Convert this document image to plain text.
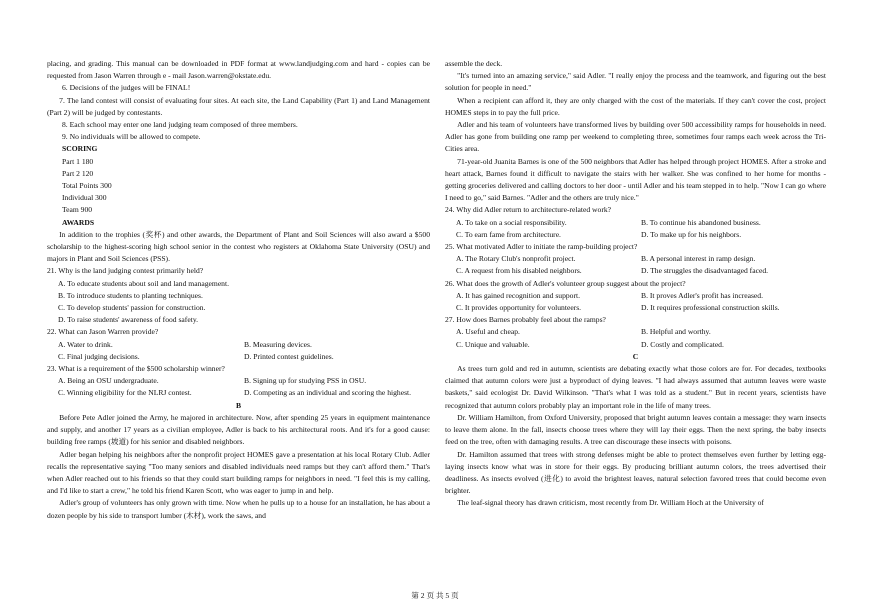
placing, and grading. This manual can be downloaded in PDF format at www.landjudging.com and hard - copies can be requested from Jason Warren through e - mail Jason.warren@okstate.edu.

6. Decisions of the judges will be FINAL!
7. The land contest will consist of evaluating four sites. At each site, the Land Capability (Part 1) and Land Management (Part 2) will be judged by contestants.
8. Each school may enter one land judging team composed of three members.
9. No individuals will be allowed to compete.
SCORING
Part 1 180
Part 2 120
Total Points 300
Individual 300
Team 900
AWARDS

In addition to the trophies (奖杯) and other awards, the Department of Plant and Soil Sciences will also award a $500 scholarship to the highest-scoring high school senior in the contest who registers at Oklahoma State University (OSU) and majors in Plant and Soil Sciences (PSS).

21. Why is the land judging contest primarily held?
A. To educate students about soil and land management.
B. To introduce students to planting techniques.
C. To develop students' passion for construction.
D. To raise students' awareness of food safety.
22. What can Jason Warren provide?
A. Water to drink.	B. Measuring devices.
C. Final judging decisions.	D. Printed contest guidelines.
23. What is a requirement of the $500 scholarship winner?
A. Being an OSU undergraduate.	B. Signing up for studying PSS in OSU.
C. Winning eligibility for the NLRJ contest.	D. Competing as an individual and scoring the highest.
B

Before Pete Adler joined the Army, he majored in architecture. Now, after spending 25 years in equipment maintenance and supply, and another 17 years as a civilian employee, Adler is back to his architectural roots. And it's for a good cause: building free ramps (坡道) for his senior and disabled neighbors.

Adler began helping his neighbors after the nonprofit project HOMES gave a presentation at his local Rotary Club. Adler recalls the representative saying "Too many seniors and disabled individuals need ramps but they can't afford them." That's when Adler reached out to his friends so that they could start building ramps for neighbors in need. "I feel this is my calling, and I'd like to start a crew," he told his friend Karen Scott, who was eager to jump in and help.

Adler's group of volunteers has only grown with time. Now when he pulls up to a house for an installation, he has about a dozen people by his side to transport lumber (木材), work the saws, and

assemble the deck.

"It's turned into an amazing service," said Adler. "I really enjoy the process and the teamwork, and figuring out the best solution for people in need."

When a recipient can afford it, they are only charged with the cost of the materials. If they can't cover the cost, project HOMES steps in to pay the full price.

Adler and his team of volunteers have transformed lives by building over 500 accessibility ramps for households in need. Adler has gone from building one ramp per weekend to completing three, sometimes four ramps each week across the Tri-Cities area.

71-year-old Juanita Barnes is one of the 500 neighbors that Adler has helped through project HOMES. After a stroke and heart attack, Barnes found it difficult to navigate the stairs with her walker. She was confined to her home for months - getting groceries delivered and calling doctors to her door - until Adler and his team stepped in to help. "Now I can go where I need to go," said Barnes. "Adler and the others are truly nice."

24. Why did Adler return to architecture-related work?
A. To take on a social responsibility.	B. To continue his abandoned business.
C. To earn fame from architecture.	D. To make up for his neighbors.
25. What motivated Adler to initiate the ramp-building project?
A. The Rotary Club's nonprofit project.	B. A personal interest in ramp design.
C. A request from his disabled neighbors.	D. The struggles the disadvantaged faced.
26. What does the growth of Adler's volunteer group suggest about the project?
A. It has gained recognition and support.	B. It proves Adler's profit has increased.
C. It provides opportunity for volunteers.	D. It requires professional construction skills.
27. How does Barnes probably feel about the ramps?
A. Useful and cheap.	B. Helpful and worthy.
C. Unique and valuable.	D. Costly and complicated.
C

As trees turn gold and red in autumn, scientists are debating exactly what those colors are for. For decades, textbooks claimed that autumn colors were just a byproduct of dying leaves. "I had always assumed that autumn leaves were waste baskets," said ecologist Dr. David Wilkinson. "That's what I was told as a student." But in recent years, scientists have recognized that autumn colors probably play an important role in the life of many trees.

Dr. William Hamilton, from Oxford University, proposed that bright autumn leaves contain a message: they warn insects to leave them alone. In the fall, insects choose trees where they will lay their eggs. Then the next spring, the baby insects feed on the tree, often with damaging results. A tree can discourage these insects with poisons.

Dr. Hamilton assumed that trees with strong defenses might be able to protect themselves even further by letting egg-laying insects know what was in store for their eggs. By producing brilliant autumn colors, the trees advertised their deadliness. As insects evolved (进化) to avoid the brightest leaves, natural selection favored trees that could become even brighter.

The leaf-signal theory has drawn criticism, most recently from Dr. William Hoch at the University of

第 2 页 共 5 页
